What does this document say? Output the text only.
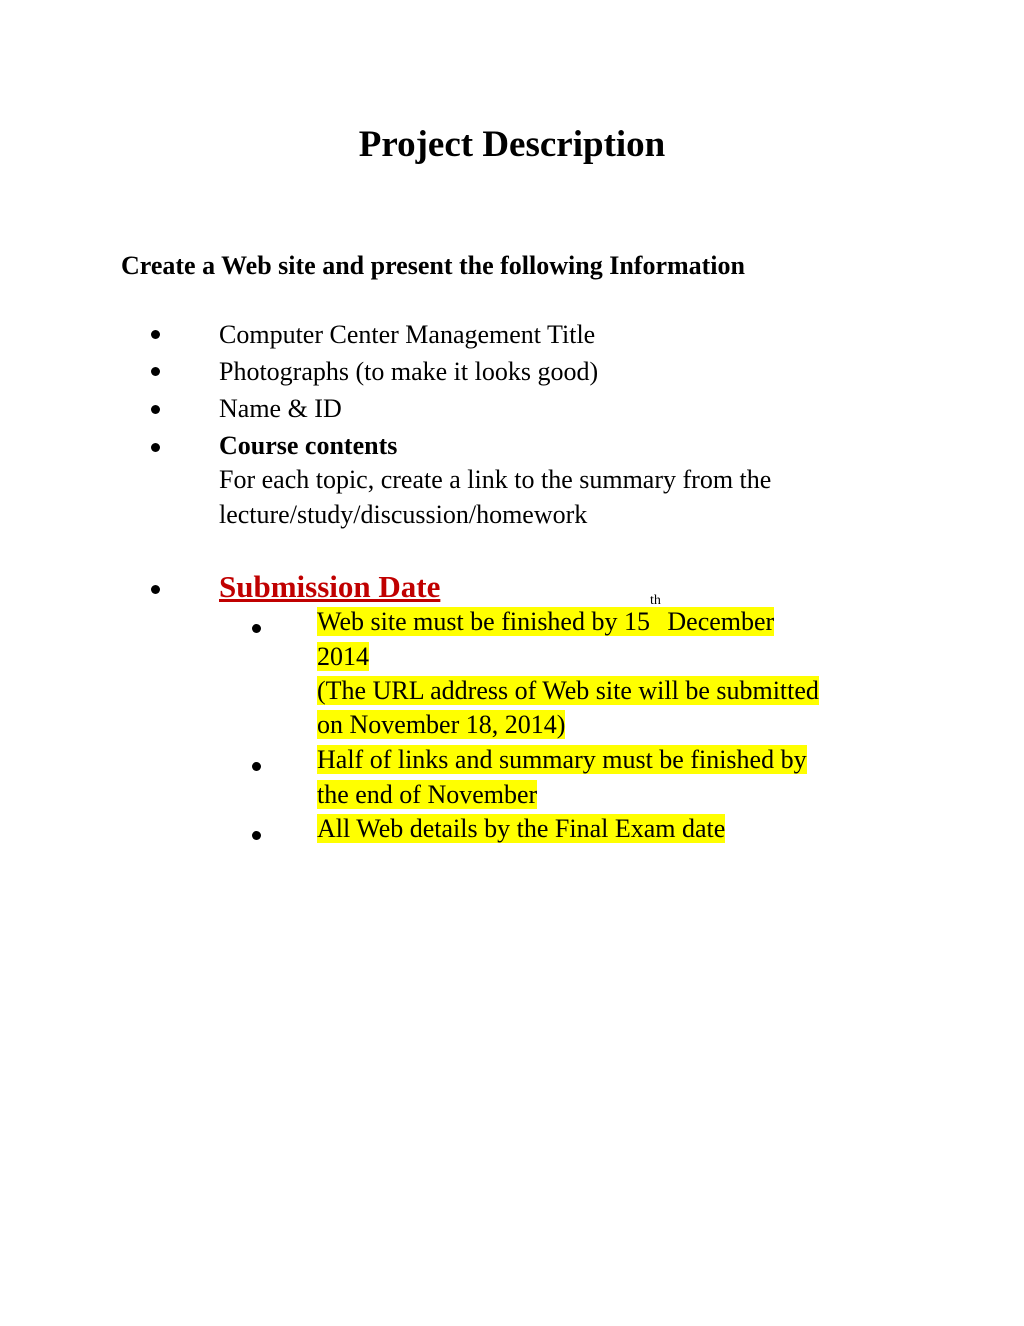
Project Description

Create a Web site and present the following Information

Computer Center Management Title
Photographs (to make it looks good)
Name & ID
Course contents
For each topic, create a link to the summary from the
lecture/study/discussion/homework
Submission Date
Web site must be finished by 15th December
2014
(The URL address of Web site will be submitted
on November 18, 2014)
Half of links and summary must be finished by
the end of November
All Web details by the Final Exam date
